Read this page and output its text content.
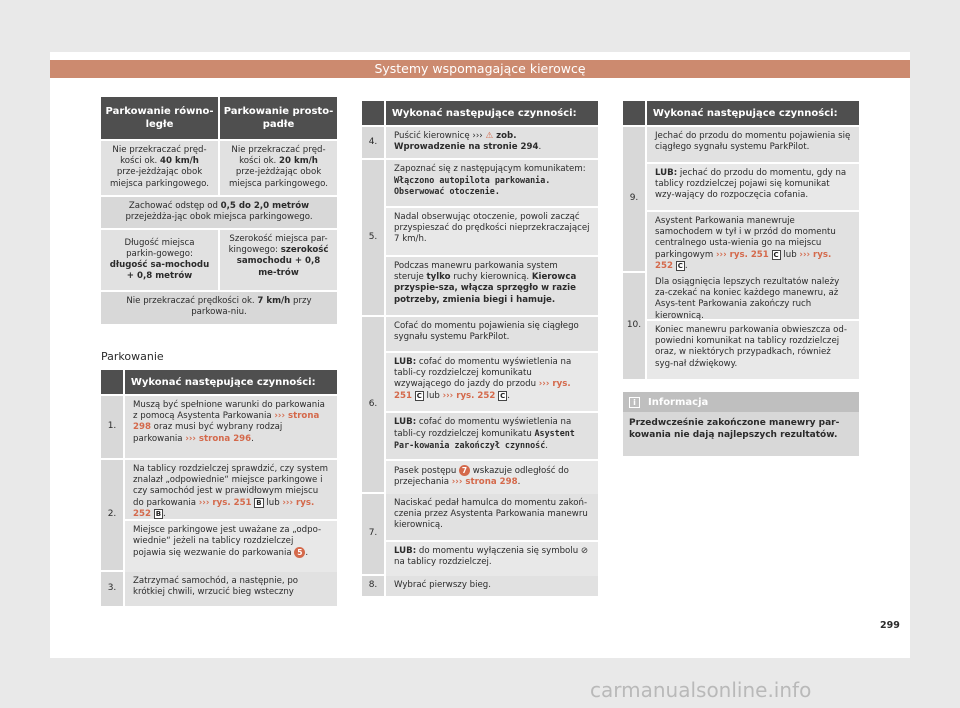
Systemy wspomagające kierowcę
Parkowanie równo-ległe
Parkowanie prosto-padłe
Nie przekraczać pręd-kości ok. 40 km/h prze-jeżdżając obok miejsca parkingowego.
Nie przekraczać pręd-kości ok. 20 km/h prze-jeżdżając obok miejsca parkingowego.
Zachować odstęp od 0,5 do 2,0 metrów przejeżdża-jąc obok miejsca parkingowego.
Długość miejsca parkin-gowego: długość sa-mochodu + 0,8 metrów
Szerokość miejsca par-kingowego: szerokość samochodu + 0,8 me-trów
Nie przekraczać prędkości ok. 7 km/h przy parkowa-niu.
Parkowanie
Wykonać następujące czynności:
1.
Muszą być spełnione warunki do parkowania z pomocą Asystenta Parkowania ››› strona 298 oraz musi być wybrany rodzaj parkowania ››› strona 296.
2.
Na tablicy rozdzielczej sprawdzić, czy system znalazł „odpowiednie“ miejsce parkingowe i czy samochód jest w prawidłowym miejscu do parkowania ››› rys. 251 B lub ››› rys. 252 B .
Miejsce parkingowe jest uważane za „odpo-wiednie“ jeżeli na tablicy rozdzielczej pojawia się wezwanie do parkowania 5 .
3.
Zatrzymać samochód, a następnie, po krótkiej chwili, wrzucić bieg wsteczny
Wykonać następujące czynności:
4.
Puścić kierownicę ››› ⚠ zob. Wprowadzenie na stronie 294.
5.
Zapoznać się z następującym komunikatem:
Włączono autopilota parkowania. Obserwować otoczenie.
Nadal obserwując otoczenie, powoli zacząć przyspieszać do prędkości nieprzekraczającej 7 km/h.
Podczas manewru parkowania system steruje tylko ruchy kierownicą. Kierowca przyspie-sza, włącza sprzęgło w razie potrzeby, zmienia biegi i hamuje.
6.
Cofać do momentu pojawienia się ciągłego sygnału systemu ParkPilot.
LUB: cofać do momentu wyświetlenia na tabli-cy rozdzielczej komunikatu wzywającego do jazdy do przodu ››› rys. 251 C lub ››› rys. 252 C .
LUB: cofać do momentu wyświetlenia na tabli-cy rozdzielczej komunikatu Asystent Par-kowania zakończył czynność.
Pasek postępu 7 wskazuje odległość do przejechania ››› strona 298.
7.
Naciskać pedał hamulca do momentu zakoń-czenia przez Asystenta Parkowania manewru kierownicą.
LUB: do momentu wyłączenia się symbolu ⊘ na tablicy rozdzielczej.
8.	Wybrać pierwszy bieg.
Wykonać następujące czynności:
9.
Jechać do przodu do momentu pojawienia się ciągłego sygnału systemu ParkPilot.
LUB: jechać do przodu do momentu, gdy na tablicy rozdzielczej pojawi się komunikat wzy-wający do rozpoczęcia cofania.
Asystent Parkowania manewruje samochodem w tył i w przód do momentu centralnego usta-wienia go na miejscu parkingowym ››› rys. 251 C lub ››› rys. 252 C .
10.
Dla osiągnięcia lepszych rezultatów należy za-czekać na koniec każdego manewru, aż Asys-tent Parkowania zakończy ruch kierownicą.
Koniec manewru parkowania obwieszcza od-powiedni komunikat na tablicy rozdzielczej oraz, w niektórych przypadkach, również syg-nał dźwiękowy.
i	Informacja
Przedwcześnie zakończone manewry par-kowania nie dają najlepszych rezultatów.
299
carmanualsonline.info
